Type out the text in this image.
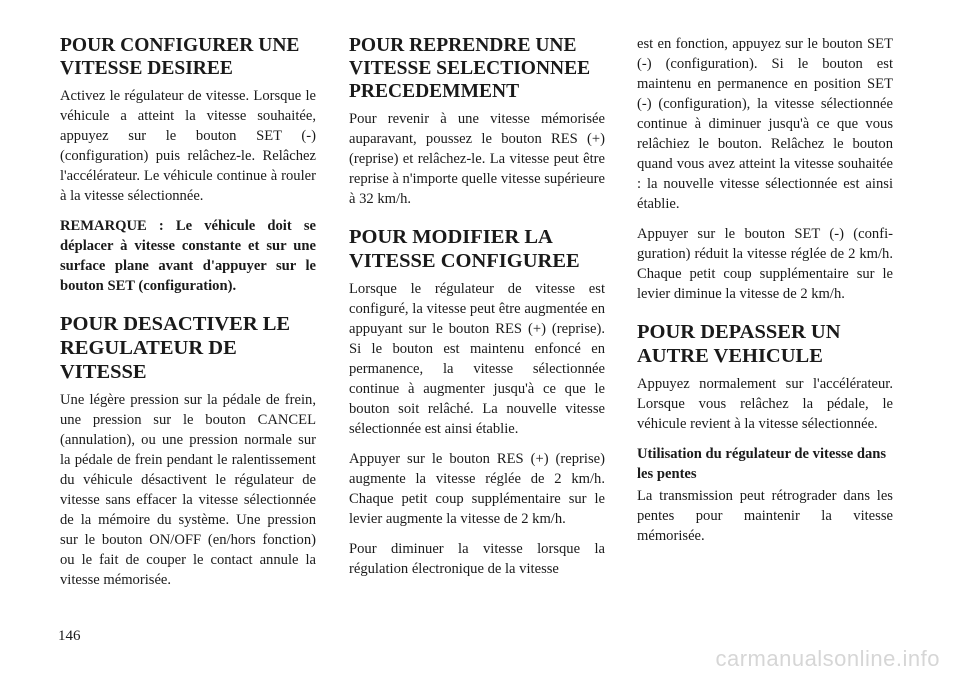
POUR CONFIGURER UNE VITESSE DESIREE

Activez le régulateur de vitesse. Lorsque le véhicule a atteint la vitesse souhaitée, appuyez sur le bouton SET (-) (configuration) puis relâchez-le. Relâchez l'accélérateur. Le véhicule continue à rouler à la vitesse sélectionnée.

REMARQUE : Le véhicule doit se déplacer à vitesse constante et sur une surface plane avant d'appuyer sur le bouton SET (configuration).

POUR DESACTIVER LE REGULATEUR DE VITESSE

Une légère pression sur la pédale de frein, une pression sur le bouton CANCEL (annulation), ou une pression normale sur la pédale de frein pendant le ralentissement du véhicule désactivent le régulateur de vitesse sans effacer la vitesse sélectionnée de la mémoire du système. Une pression sur le bouton ON/OFF (en/hors fonction) ou le fait de couper le contact annule la vitesse mémorisée.

POUR REPRENDRE UNE VITESSE SELECTIONNEE PRECEDEMMENT

Pour revenir à une vitesse mémorisée auparavant, poussez le bouton RES (+) (reprise) et relâchez-le. La vitesse peut être reprise à n'importe quelle vitesse supérieure à 32 km/h.

POUR MODIFIER LA VITESSE CONFIGUREE

Lorsque le régulateur de vitesse est configuré, la vitesse peut être augmentée en appuyant sur le bouton RES (+) (reprise). Si le bouton est maintenu enfoncé en permanence, la vitesse sélectionnée continue à augmenter jusqu'à ce que le bouton soit relâché. La nouvelle vitesse sélectionnée est ainsi établie.

Appuyer sur le bouton RES (+) (reprise) augmente la vitesse réglée de 2 km/h. Chaque petit coup supplémentaire sur le levier augmente la vitesse de 2 km/h.

Pour diminuer la vitesse lorsque la régulation électronique de la vitesse

est en fonction, appuyez sur le bouton SET (-) (configuration). Si le bouton est maintenu en permanence en position SET (-) (configuration), la vitesse sélectionnée continue à diminuer jusqu'à ce que vous relâchiez le bouton. Relâchez le bouton quand vous avez atteint la vitesse souhaitée : la nouvelle vitesse sélectionnée est ainsi établie.

Appuyer sur le bouton SET (-) (configuration) réduit la vitesse réglée de 2 km/h. Chaque petit coup supplémentaire sur le levier diminue la vitesse de 2 km/h.

POUR DEPASSER UN AUTRE VEHICULE

Appuyez normalement sur l'accélérateur. Lorsque vous relâchez la pédale, le véhicule revient à la vitesse sélectionnée.

Utilisation du régulateur de vitesse dans les pentes

La transmission peut rétrograder dans les pentes pour maintenir la vitesse mémorisée.

146
carmanualsonline.info
